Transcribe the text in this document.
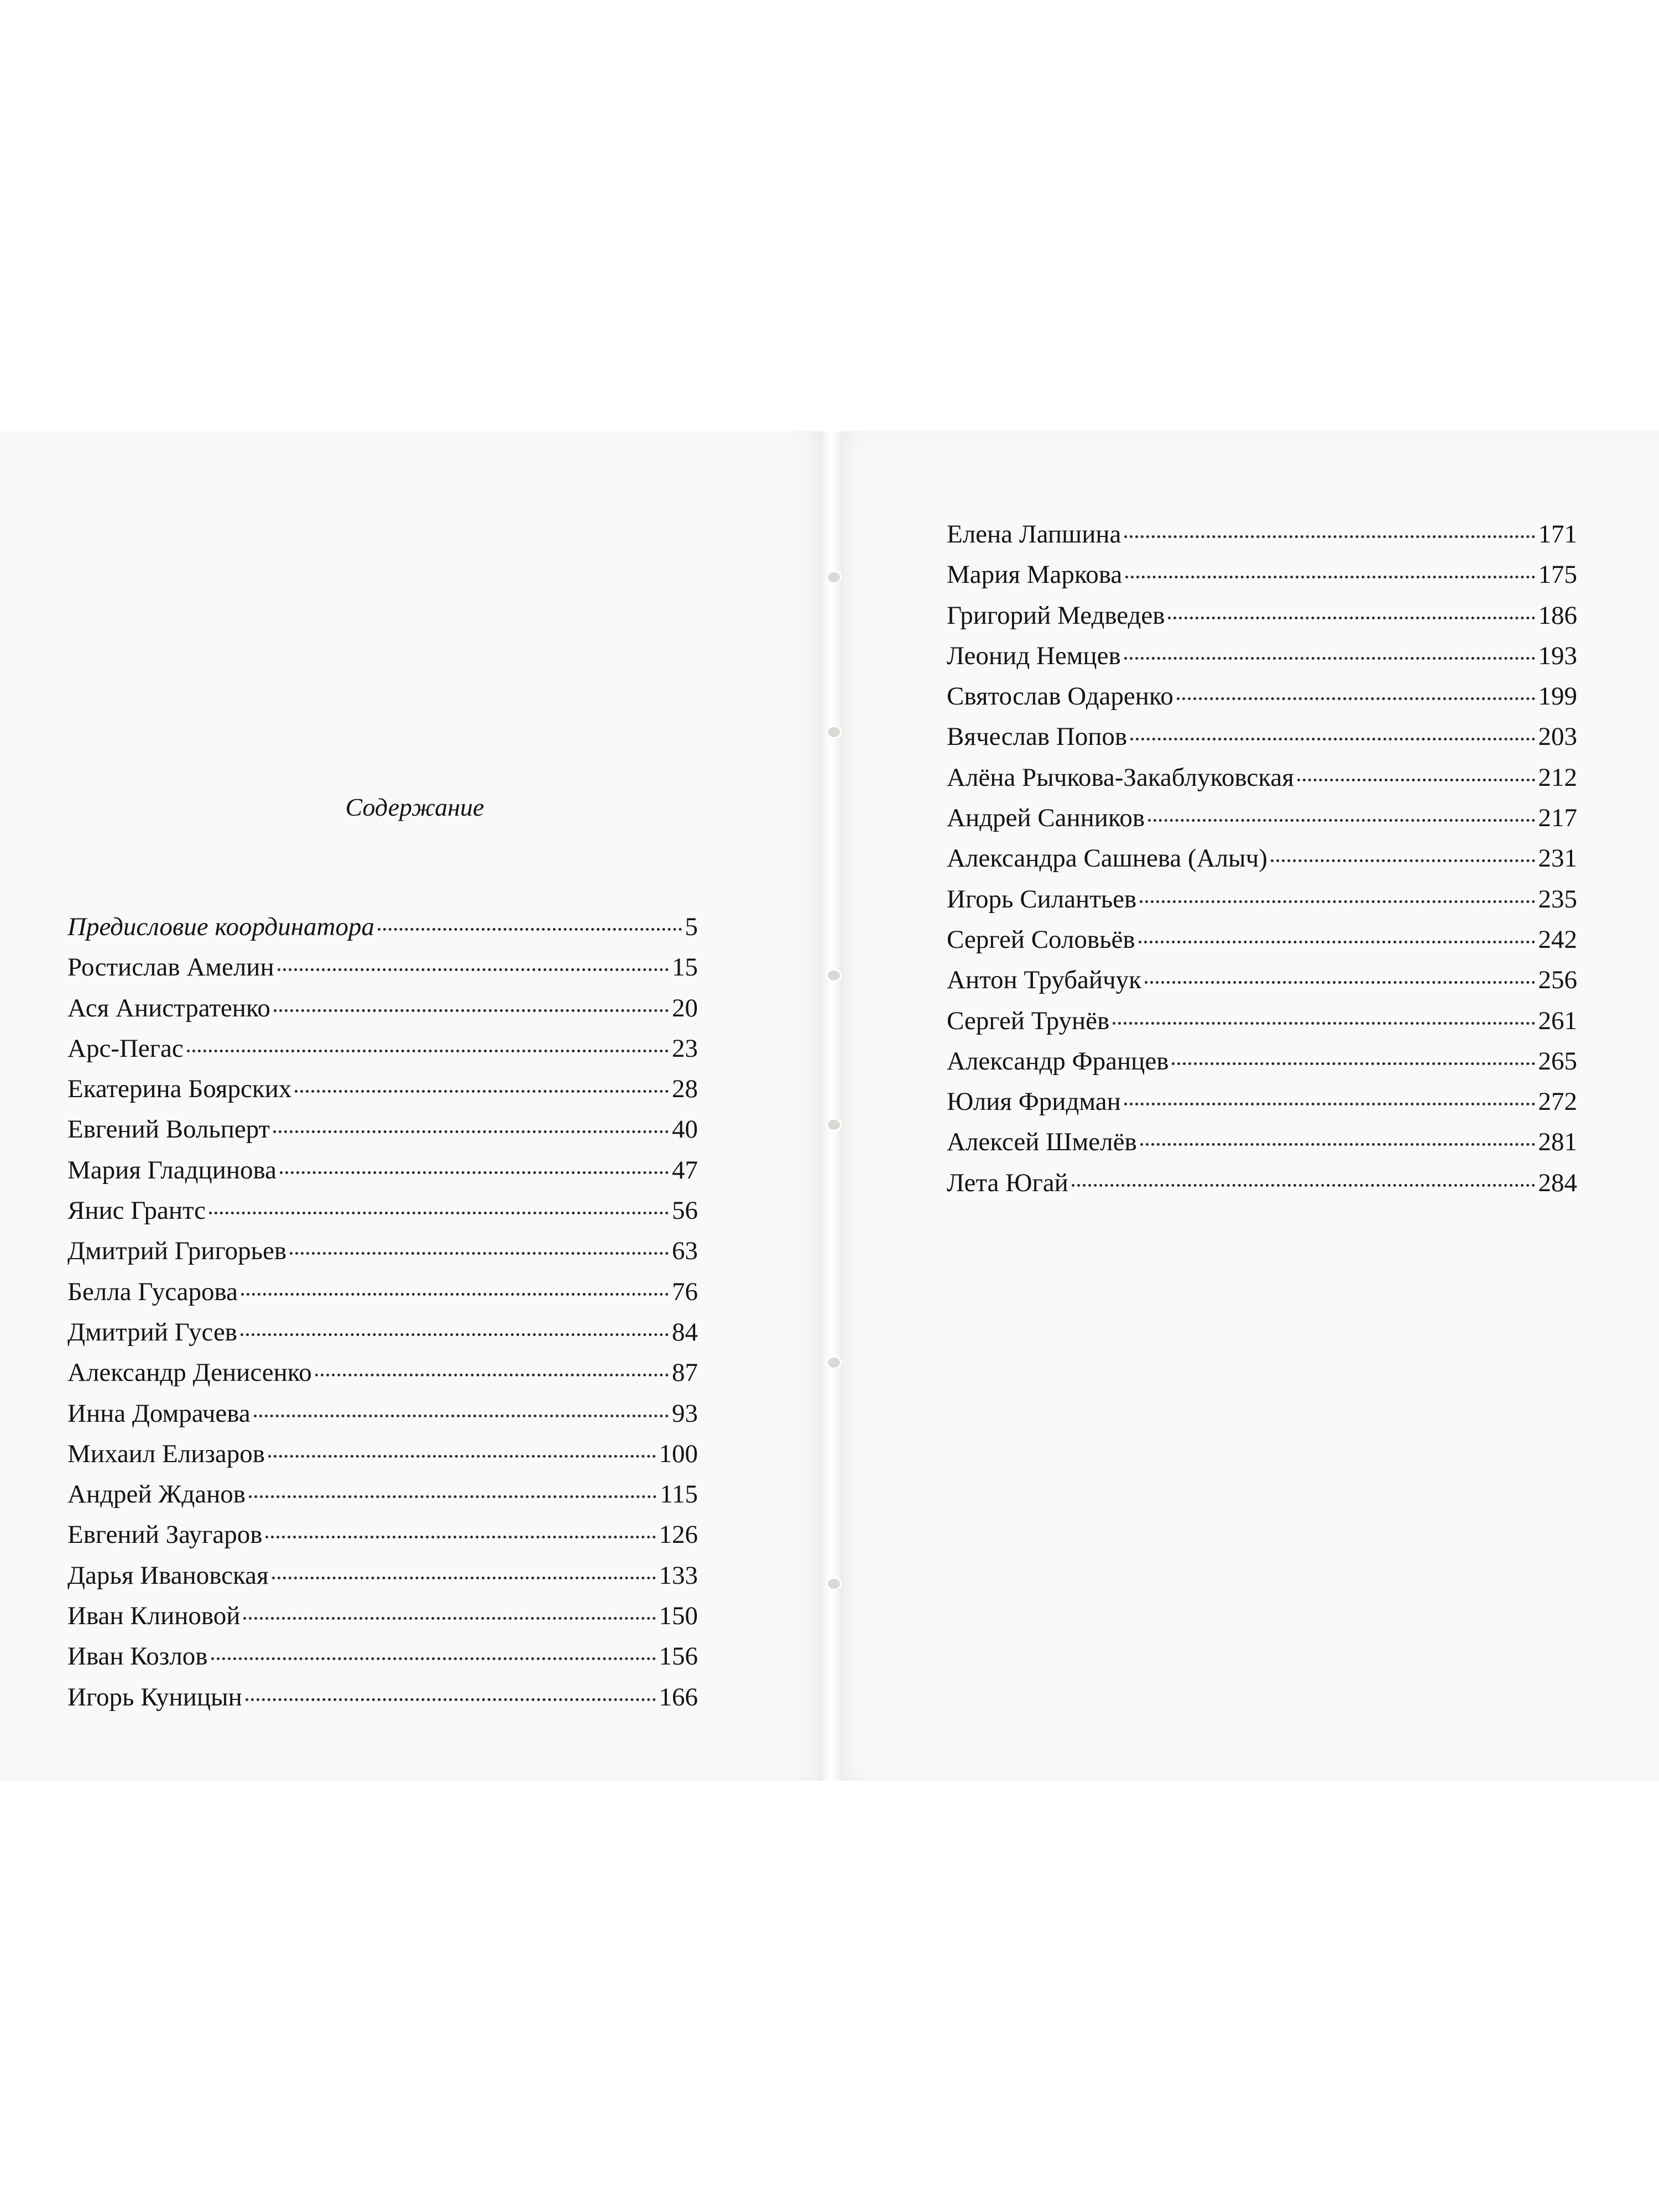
Содержание
Предисловие координатора	5
Ростислав Амелин	15
Ася Анистратенко	20
Арс-Пегас	23
Екатерина Боярских	28
Евгений Вольперт	40
Мария Гладцинова	47
Янис Грантс	56
Дмитрий Григорьев	63
Белла Гусарова	76
Дмитрий Гусев	84
Александр Денисенко	87
Инна Домрачева	93
Михаил Елизаров	100
Андрей Жданов	115
Евгений Заугаров	126
Дарья Ивановская	133
Иван Клиновой	150
Иван Козлов	156
Игорь Куницын	166
Елена Лапшина	171
Мария Маркова	175
Григорий Медведев	186
Леонид Немцев	193
Святослав Одаренко	199
Вячеслав Попов	203
Алёна Рычкова-Закаблуковская	212
Андрей Санников	217
Александра Сашнева (Алыч)	231
Игорь Силантьев	235
Сергей Соловьёв	242
Антон Трубайчук	256
Сергей Трунёв	261
Александр Францев	265
Юлия Фридман	272
Алексей Шмелёв	281
Лета Югай	284
